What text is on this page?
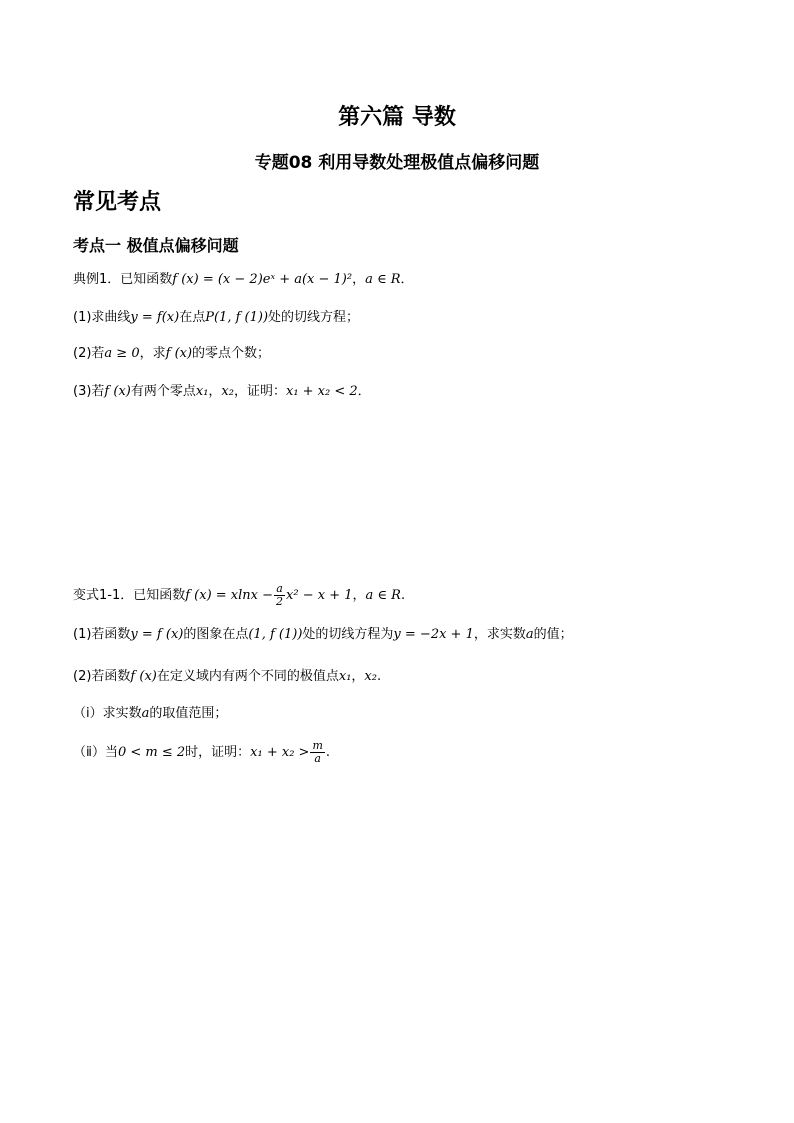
第六篇 导数
专题08 利用导数处理极值点偏移问题
常见考点
考点一 极值点偏移问题
典例1．已知函数f (x) = (x − 2)eˣ + a(x − 1)²，a ∈ R．
(1)求曲线y = f(x)在点P(1, f (1))处的切线方程；
(2)若a ≥ 0，求f (x)的零点个数；
(3)若f (x)有两个零点x₁，x₂，证明：x₁ + x₂ < 2．
变式1-1．已知函数f $(x) = xlnx - \frac{a}{2} x^2 - x + 1$，a ∈ R.
(1)若函数y = f (x)的图象在点(1, f (1))处的切线方程为y = −2x + 1，求实数a的值；
(2)若函数f (x)在定义域内有两个不同的极值点x₁，x₂.
（ⅰ）求实数a的取值范围；
（ⅱ）当0 < m ≤ 2时，证明：$x_1 + x_2 > \frac{m}{a}$ .
